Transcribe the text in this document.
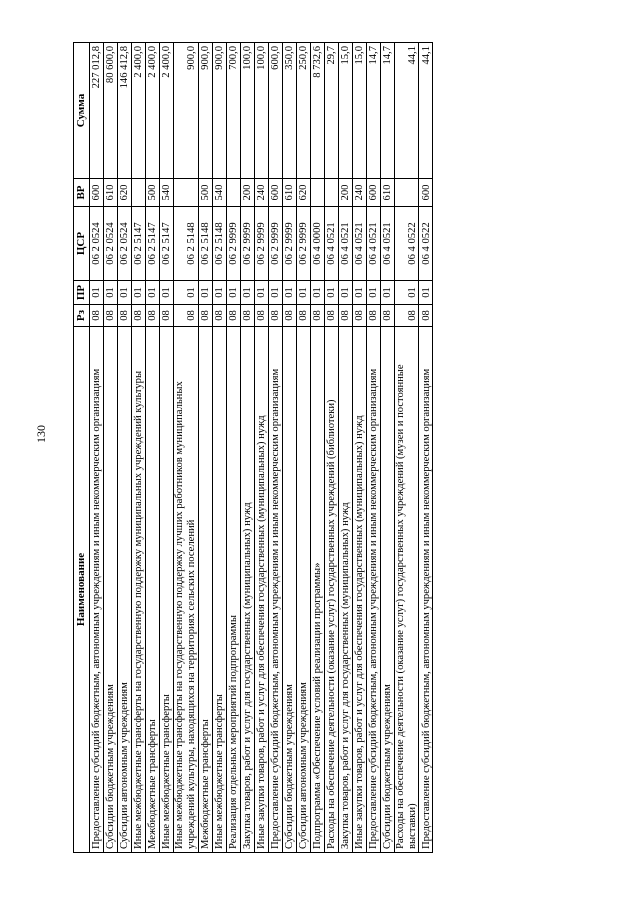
130
Наименование	Рз	ПР	ЦСР	ВР	Сумма
Предоставление субсидий бюджетным, автономным учреждениям и иным некоммерческим организациям	08	01	06 2 0524	600	227 012,8
Субсидии бюджетным учреждениям	08	01	06 2 0524	610	80 600,0
Субсидии автономным учреждениям	08	01	06 2 0524	620	146 412,8
Иные межбюджетные трансферты на государственную поддержку муниципальных учреждений культуры	08	01	06 2 5147		2 400,0
Межбюджетные трансферты	08	01	06 2 5147	500	2 400,0
Иные межбюджетные трансферты	08	01	06 2 5147	540	2 400,0
Иные межбюджетные трансферты на государственную поддержку лучших работников муниципальных учреждений культуры, находящихся на территориях сельских поселений	08	01	06 2 5148		900,0
Межбюджетные трансферты	08	01	06 2 5148	500	900,0
Иные межбюджетные трансферты	08	01	06 2 5148	540	900,0
Реализация отдельных мероприятий подпрограммы	08	01	06 2 9999		700,0
Закупка товаров, работ и услуг для государственных (муниципальных) нужд	08	01	06 2 9999	200	100,0
Иные закупки товаров, работ и услуг для обеспечения государственных (муниципальных) нужд	08	01	06 2 9999	240	100,0
Предоставление субсидий бюджетным, автономным учреждениям и иным некоммерческим организациям	08	01	06 2 9999	600	600,0
Субсидии бюджетным учреждениям	08	01	06 2 9999	610	350,0
Субсидии автономным учреждениям	08	01	06 2 9999	620	250,0
Подпрограмма «Обеспечение условий реализации программы»	08	01	06 4 0000		8 732,6
Расходы на обеспечение деятельности (оказание услуг) государственных учреждений (библиотеки)	08	01	06 4 0521		29,7
Закупка товаров, работ и услуг для государственных (муниципальных) нужд	08	01	06 4 0521	200	15,0
Иные закупки товаров, работ и услуг для обеспечения государственных (муниципальных) нужд	08	01	06 4 0521	240	15,0
Предоставление субсидий бюджетным, автономным учреждениям и иным некоммерческим организациям	08	01	06 4 0521	600	14,7
Субсидии бюджетным учреждениям	08	01	06 4 0521	610	14,7
Расходы на обеспечение деятельности (оказание услуг) государственных учреждений (музеи и постоянные выставки)	08	01	06 4 0522		44,1
Предоставление субсидий бюджетным, автономным учреждениям и иным некоммерческим организациям	08	01	06 4 0522	600	44,1
